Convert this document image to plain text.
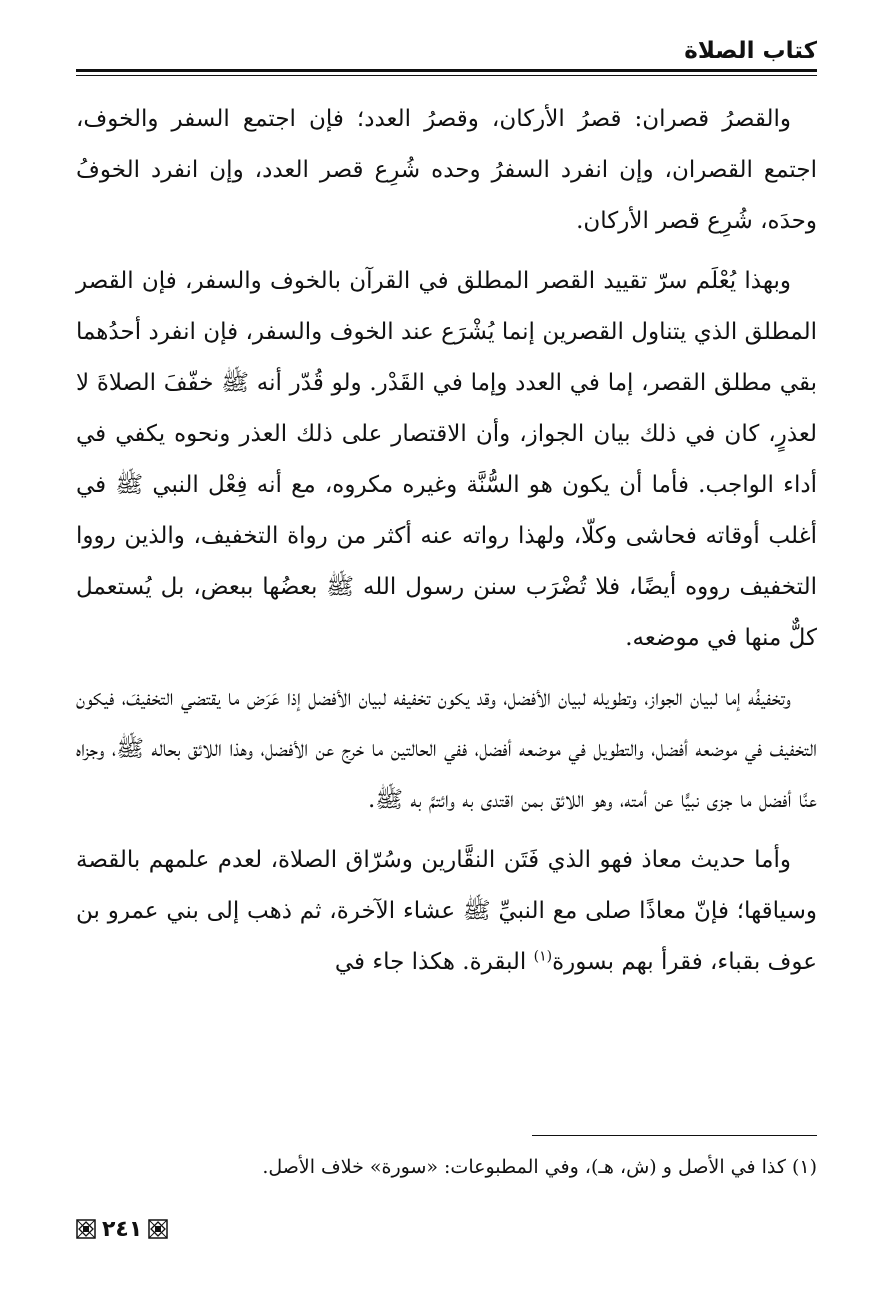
كتاب الصلاة

والقصرُ قصران: قصرُ الأركان، وقصرُ العدد؛ فإن اجتمع السفر والخوف، اجتمع القصران، وإن انفرد السفرُ وحده شُرِع قصر العدد، وإن انفرد الخوفُ وحدَه، شُرِع قصر الأركان.

وبهذا يُعْلَم سرّ تقييد القصر المطلق في القرآن بالخوف والسفر، فإن القصر المطلق الذي يتناول القصرين إنما يُشْرَع عند الخوف والسفر، فإن انفرد أحدُهما بقي مطلق القصر، إما في العدد وإما في القَدْر. ولو قُدّر أنه ﷺ خفّفَ الصلاةَ لا لعذرٍ، كان في ذلك بيان الجواز، وأن الاقتصار على ذلك العذر ونحوه يكفي في أداء الواجب. فأما أن يكون هو السُّنَّة وغيره مكروه، مع أنه فِعْل النبي ﷺ في أغلب أوقاته فحاشى وكلّا، ولهذا رواته عنه أكثر من رواة التخفيف، والذين رووا التخفيف رووه أيضًا، فلا تُضْرَب سنن رسول الله ﷺ بعضُها ببعض، بل يُستعمل كلٌّ منها في موضعه.

وتخفيفُه إما لبيان الجواز، وتطويله لبيان الأفضل، وقد يكون تخفيفه لبيان الأفضل إذا عَرَض ما يقتضي التخفيفَ، فيكون التخفيف في موضعه أفضل، والتطويل في موضعه أفضل، ففي الحالتين ما خرج عن الأفضل، وهذا اللائق بحاله ﷺ، وجزاه عنَّا أفضل ما جزى نبيًّا عن أمته، وهو اللائق بمن اقتدى به وائتمَّ به ﷺ.

وأما حديث معاذ فهو الذي فَتَن النقَّارين وسُرّاق الصلاة، لعدم علمهم بالقصة وسياقها؛ فإنّ معاذًا صلى مع النبيِّ ﷺ عشاء الآخرة، ثم ذهب إلى بني عمرو بن عوف بقباء، فقرأ بهم بسورة$^{(١)}$ البقرة. هكذا جاء في

(١) كذا في الأصل و (ش، هـ)، وفي المطبوعات: «سورة» خلاف الأصل.
٢٤١
